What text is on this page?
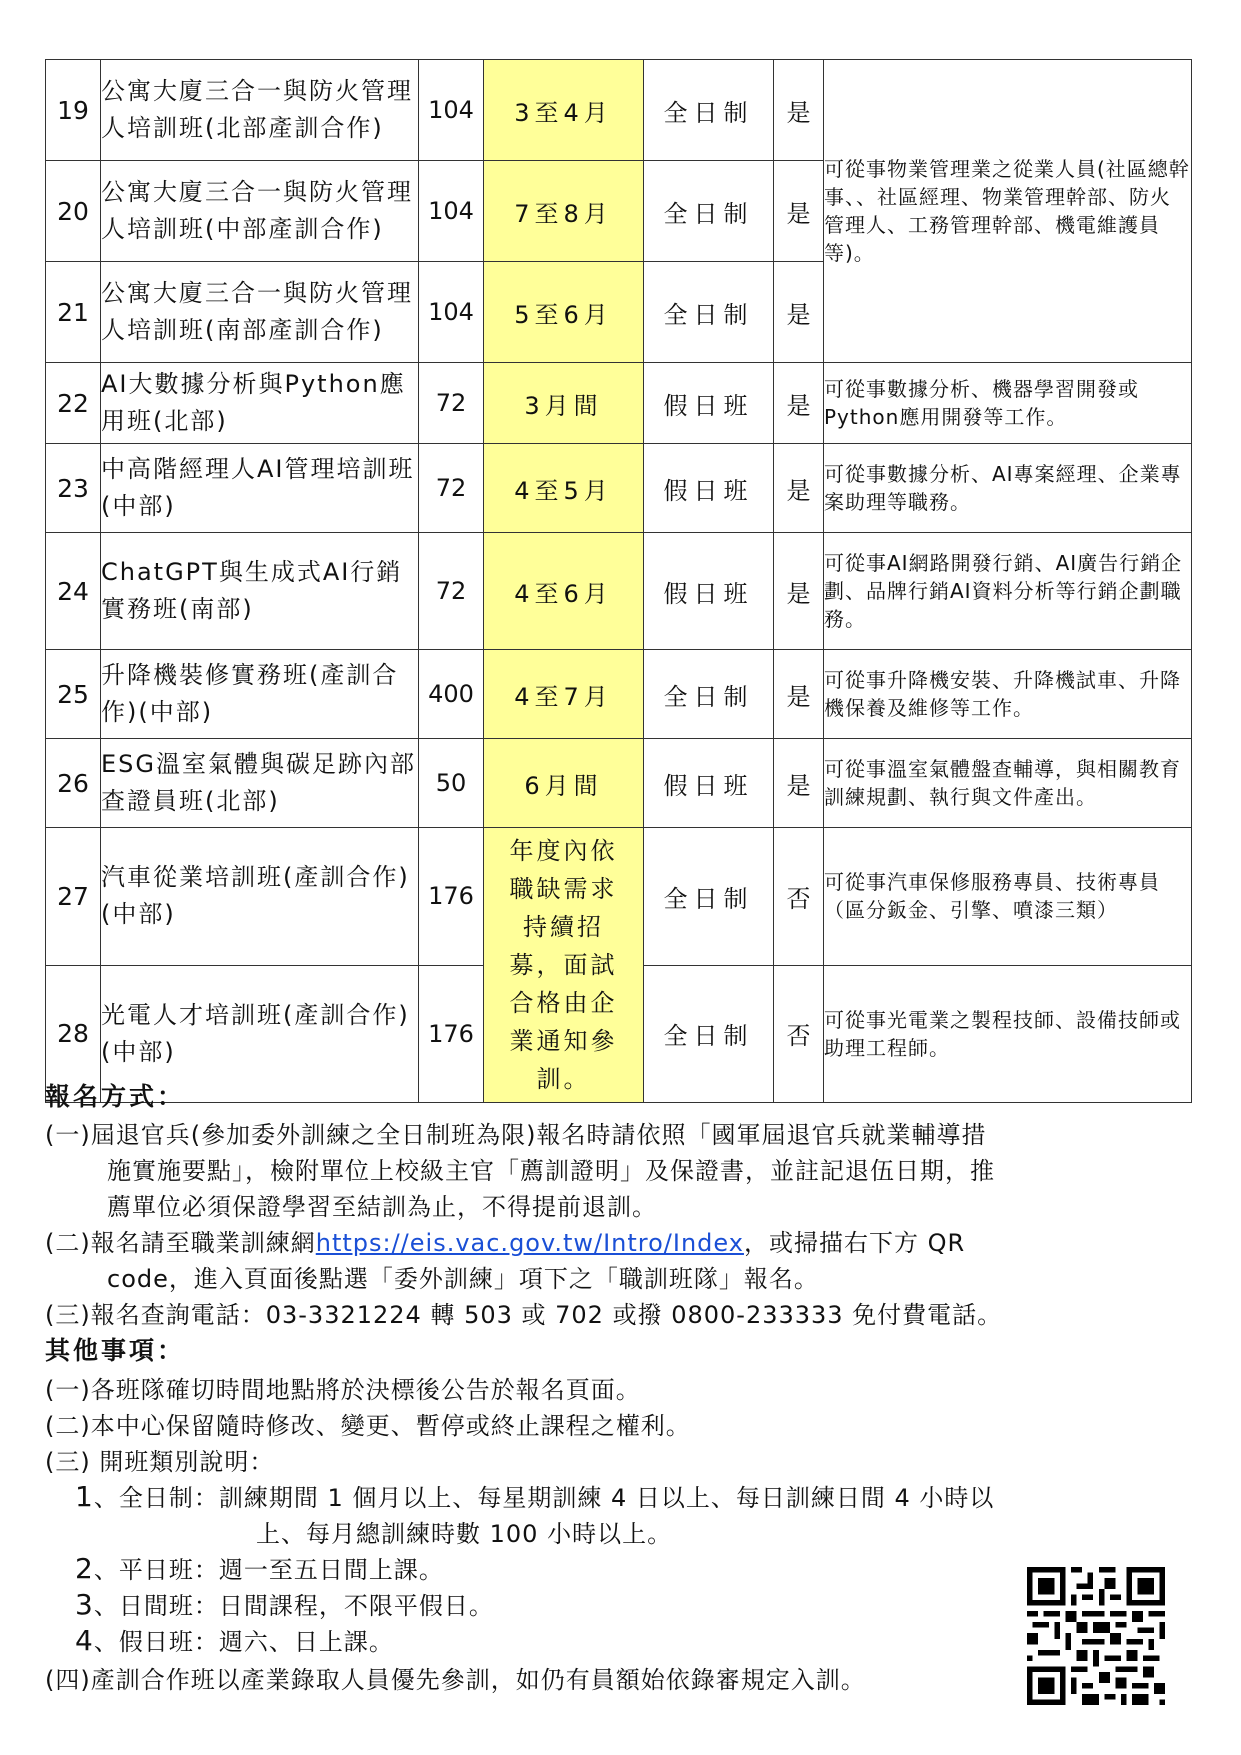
19	公寓大廈三合一與防火管理人培訓班(北部產訓合作)	104	3至4月	全日制	是	可從事物業管理業之從業人員(社區總幹事、、社區經理、物業管理幹部、防火管理人、工務管理幹部、機電維護員等)。
20	公寓大廈三合一與防火管理人培訓班(中部產訓合作)	104	7至8月	全日制	是	
21	公寓大廈三合一與防火管理人培訓班(南部產訓合作)	104	5至6月	全日制	是	
22	AI大數據分析與Python應用班(北部)	72	3月間	假日班	是	可從事數據分析、機器學習開發或Python應用開發等工作。
23	中高階經理人AI管理培訓班(中部)	72	4至5月	假日班	是	可從事數據分析、AI專案經理、企業專案助理等職務。
24	ChatGPT與生成式AI行銷實務班(南部)	72	4至6月	假日班	是	可從事AI網路開發行銷、AI廣告行銷企劃、品牌行銷AI資料分析等行銷企劃職務。
25	升降機裝修實務班(產訓合作)(中部)	400	4至7月	全日制	是	可從事升降機安裝、升降機試車、升降機保養及維修等工作。
26	ESG溫室氣體與碳足跡內部查證員班(北部)	50	6月間	假日班	是	可從事溫室氣體盤查輔導，與相關教育訓練規劃、執行與文件產出。
27	汽車從業培訓班(產訓合作)(中部)	176	年度內依職缺需求持續招募，面試合格由企業通知參訓。	全日制	否	可從事汽車保修服務專員、技術專員（區分鈑金、引擎、噴漆三類）
28	光電人才培訓班(產訓合作)(中部)	176		全日制	否	可從事光電業之製程技師、設備技師或助理工程師。
報名方式：
(一)屆退官兵(參加委外訓練之全日制班為限)報名時請依照「國軍屆退官兵就業輔導措
施實施要點」，檢附單位上校級主官「薦訓證明」及保證書，並註記退伍日期，推
薦單位必須保證學習至結訓為止，不得提前退訓。
(二)報名請至職業訓練網https://eis.vac.gov.tw/Intro/Index，或掃描右下方 QR
code，進入頁面後點選「委外訓練」項下之「職訓班隊」報名。
(三)報名查詢電話：03-3321224 轉 503 或 702 或撥 0800-233333 免付費電話。
其他事項：
(一)各班隊確切時間地點將於決標後公告於報名頁面。
(二)本中心保留隨時修改、變更、暫停或終止課程之權利。
(三) 開班類別說明：
1、全日制：訓練期間 1 個月以上、每星期訓練 4 日以上、每日訓練日間 4 小時以
上、每月總訓練時數 100 小時以上。
2、平日班：週一至五日間上課。
3、日間班：日間課程，不限平假日。
4、假日班：週六、日上課。
(四)產訓合作班以產業錄取人員優先參訓，如仍有員額始依錄審規定入訓。
